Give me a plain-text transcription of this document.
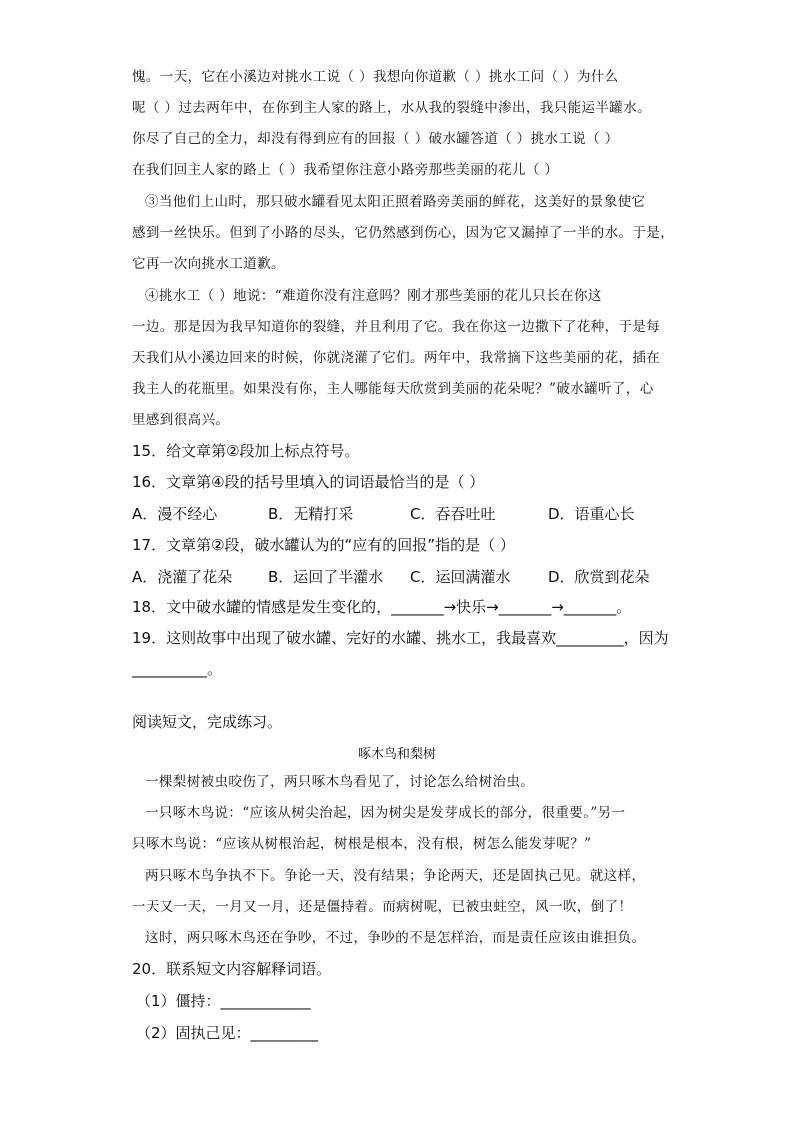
愧。一天，它在小溪边对挑水工说（ ）我想向你道歉（ ）挑水工问（ ）为什么
呢（ ）过去两年中，在你到主人家的路上，水从我的裂缝中渗出，我只能运半罐水。
你尽了自己的全力，却没有得到应有的回报（ ）破水罐答道（ ）挑水工说（ ）
在我们回主人家的路上（ ）我希望你注意小路旁那些美丽的花儿（ ）
③当他们上山时，那只破水罐看见太阳正照着路旁美丽的鲜花，这美好的景象使它
感到一丝快乐。但到了小路的尽头，它仍然感到伤心，因为它又漏掉了一半的水。于是，
它再一次向挑水工道歉。
④挑水工（ ）地说：“难道你没有注意吗？刚才那些美丽的花儿只长在你这
一边。那是因为我早知道你的裂缝，并且利用了它。我在你这一边撒下了花种，于是每
天我们从小溪边回来的时候，你就浇灌了它们。两年中，我常摘下这些美丽的花，插在
我主人的花瓶里。如果没有你，主人哪能每天欣赏到美丽的花朵呢？”破水罐听了，心
里感到很高兴。
15．给文章第②段加上标点符号。
16．文章第④段的括号里填入的词语最恰当的是（ ）
A．漫不经心	B．无精打采	C．吞吞吐吐	D．语重心长
17．文章第②段，破水罐认为的“应有的回报”指的是（ ）
A．浇灌了花朵 B．运回了半灌水 C．运回满灌水	D．欣赏到花朵
18．文中破水罐的情感是发生变化的，_______→快乐→_______→_______。
19．这则故事中出现了破水罐、完好的水罐、挑水工，我最喜欢_________，因为
__________。
阅读短文，完成练习。
啄木鸟和梨树
一棵梨树被虫咬伤了，两只啄木鸟看见了，讨论怎么给树治虫。
一只啄木鸟说：“应该从树尖治起，因为树尖是发芽成长的部分，很重要。”另一
只啄木鸟说：“应该从树根治起，树根是根本，没有根，树怎么能发芽呢？”
两只啄木鸟争执不下。争论一天，没有结果；争论两天，还是固执己见。就这样，
一天又一天，一月又一月，还是僵持着。而病树呢，已被虫蛀空，风一吹，倒了！
这时，两只啄木鸟还在争吵，不过，争吵的不是怎样治，而是责任应该由谁担负。
20．联系短文内容解释词语。
（1）僵持：____________
（2）固执己见：_________
